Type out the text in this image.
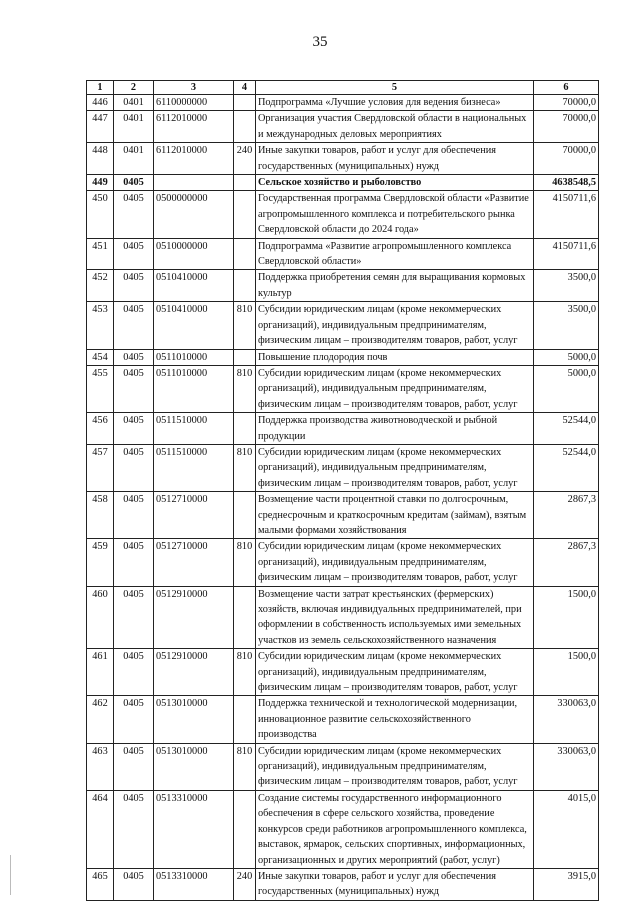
35
1	2	3	4	5	6
446	0401	6110000000		Подпрограмма «Лучшие условия для ведения бизнеса»	70000,0
447	0401	6112010000		Организация участия Свердловской области в национальных и международных деловых мероприятиях	70000,0
448	0401	6112010000	240	Иные закупки товаров, работ и услуг для обеспечения государственных (муниципальных) нужд	70000,0
449	0405			Сельское хозяйство и рыболовство	4638548,5
450	0405	0500000000		Государственная программа Свердловской области «Развитие агропромышленного комплекса и потребительского рынка Свердловской области до 2024 года»	4150711,6
451	0405	0510000000		Подпрограмма «Развитие агропромышленного комплекса Свердловской области»	4150711,6
452	0405	0510410000		Поддержка приобретения семян для выращивания кормовых культур	3500,0
453	0405	0510410000	810	Субсидии юридическим лицам (кроме некоммерческих организаций), индивидуальным предпринимателям, физическим лицам – производителям товаров, работ, услуг	3500,0
454	0405	0511010000		Повышение плодородия почв	5000,0
455	0405	0511010000	810	Субсидии юридическим лицам (кроме некоммерческих организаций), индивидуальным предпринимателям, физическим лицам – производителям товаров, работ, услуг	5000,0
456	0405	0511510000		Поддержка производства животноводческой и рыбной продукции	52544,0
457	0405	0511510000	810	Субсидии юридическим лицам (кроме некоммерческих организаций), индивидуальным предпринимателям, физическим лицам – производителям товаров, работ, услуг	52544,0
458	0405	0512710000		Возмещение части процентной ставки по долгосрочным, среднесрочным и краткосрочным кредитам (займам), взятым малыми формами хозяйствования	2867,3
459	0405	0512710000	810	Субсидии юридическим лицам (кроме некоммерческих организаций), индивидуальным предпринимателям, физическим лицам – производителям товаров, работ, услуг	2867,3
460	0405	0512910000		Возмещение части затрат крестьянских (фермерских) хозяйств, включая индивидуальных предпринимателей, при оформлении в собственность используемых ими земельных участков из земель сельскохозяйственного назначения	1500,0
461	0405	0512910000	810	Субсидии юридическим лицам (кроме некоммерческих организаций), индивидуальным предпринимателям, физическим лицам – производителям товаров, работ, услуг	1500,0
462	0405	0513010000		Поддержка технической и технологической модернизации, инновационное развитие сельскохозяйственного производства	330063,0
463	0405	0513010000	810	Субсидии юридическим лицам (кроме некоммерческих организаций), индивидуальным предпринимателям, физическим лицам – производителям товаров, работ, услуг	330063,0
464	0405	0513310000		Создание системы государственного информационного обеспечения в сфере сельского хозяйства, проведение конкурсов среди работников агропромышленного комплекса, выставок, ярмарок, сельских спортивных, информационных, организационных и других мероприятий (работ, услуг)	4015,0
465	0405	0513310000	240	Иные закупки товаров, работ и услуг для обеспечения государственных (муниципальных) нужд	3915,0
